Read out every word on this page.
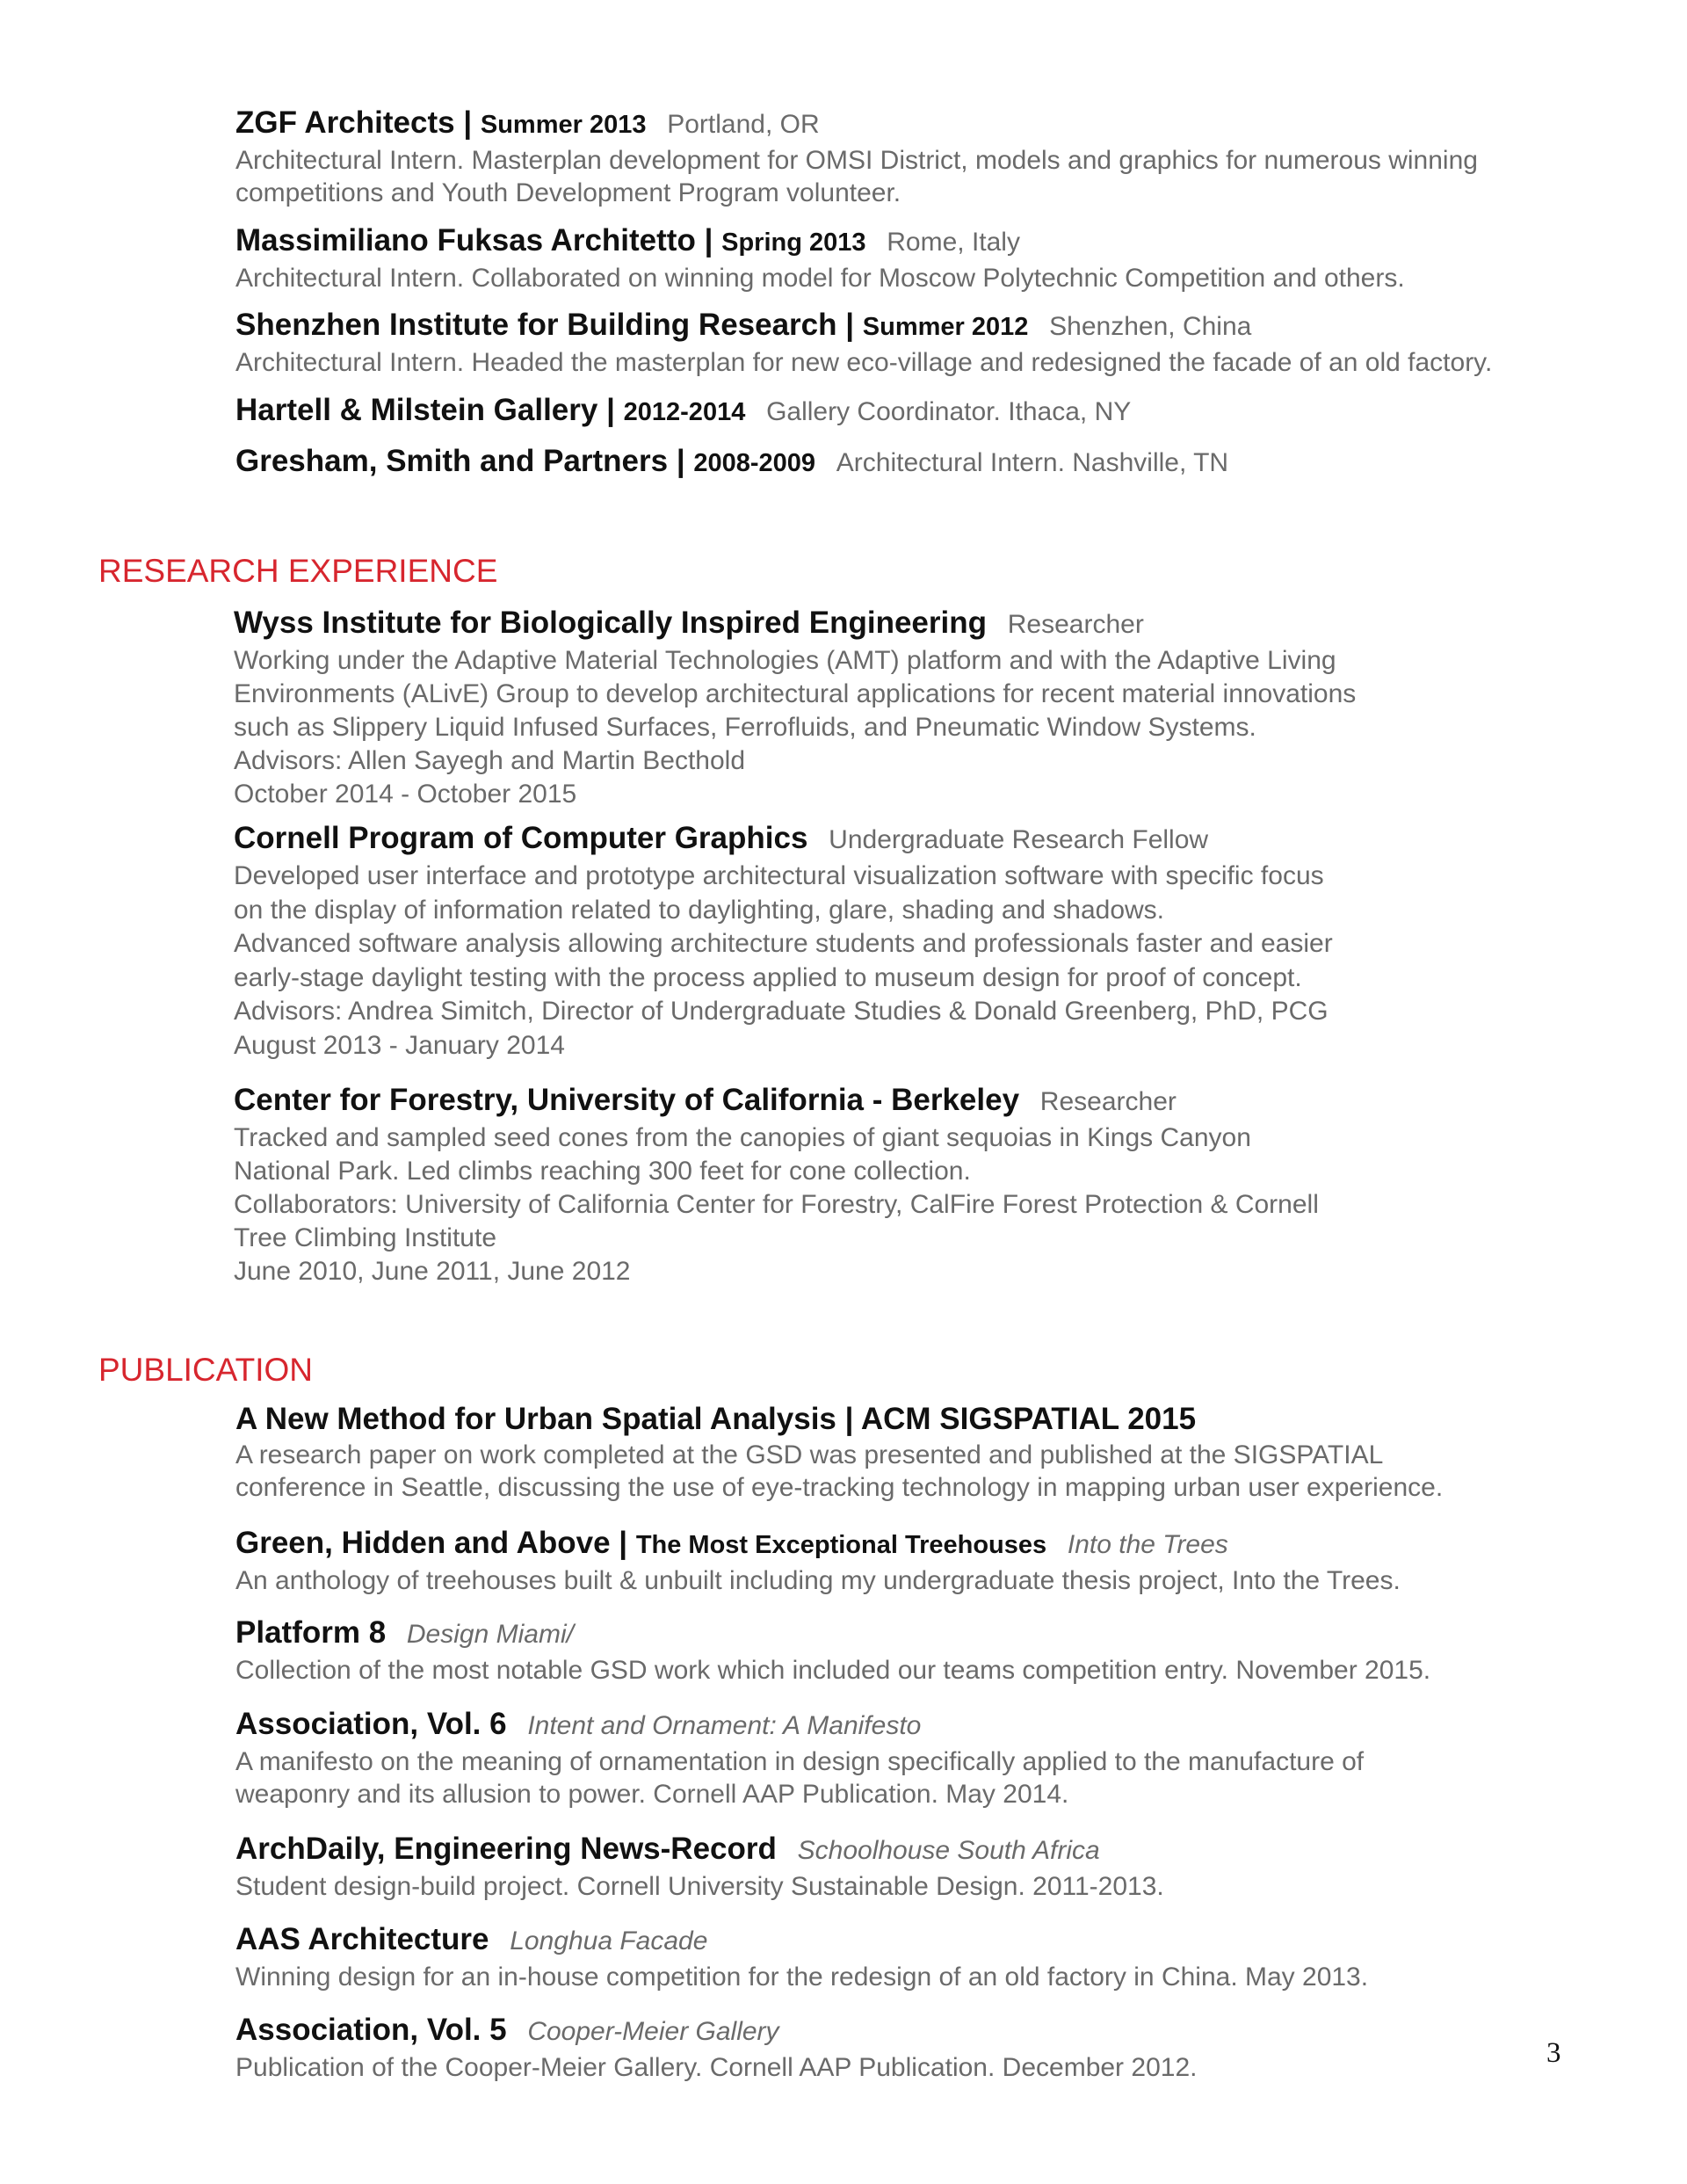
ZGF Architects | Summer 2013 Portland, OR
Architectural Intern. Masterplan development for OMSI District, models and graphics for numerous winning
competitions and Youth Development Program volunteer.
Massimiliano Fuksas Architetto | Spring 2013 Rome, Italy
Architectural Intern. Collaborated on winning model for Moscow Polytechnic Competition and others.
Shenzhen Institute for Building Research | Summer 2012 Shenzhen, China
Architectural Intern. Headed the masterplan for new eco-village and redesigned the facade of an old factory.
Hartell & Milstein Gallery | 2012-2014 Gallery Coordinator. Ithaca, NY
Gresham, Smith and Partners | 2008-2009 Architectural Intern. Nashville, TN
RESEARCH EXPERIENCE
Wyss Institute for Biologically Inspired Engineering Researcher
Working under the Adaptive Material Technologies (AMT) platform and with the Adaptive Living
Environments (ALivE) Group to develop architectural applications for recent material innovations
such as Slippery Liquid Infused Surfaces, Ferrofluids, and Pneumatic Window Systems.
Advisors: Allen Sayegh and Martin Becthold
October 2014 - October 2015
Cornell Program of Computer Graphics Undergraduate Research Fellow
Developed user interface and prototype architectural visualization software with specific focus
on the display of information related to daylighting, glare, shading and shadows.
Advanced software analysis allowing architecture students and professionals faster and easier
early-stage daylight testing with the process applied to museum design for proof of concept.
Advisors: Andrea Simitch, Director of Undergraduate Studies & Donald Greenberg, PhD, PCG
August 2013 - January 2014
Center for Forestry, University of California - Berkeley Researcher
Tracked and sampled seed cones from the canopies of giant sequoias in Kings Canyon
National Park. Led climbs reaching 300 feet for cone collection.
Collaborators: University of California Center for Forestry, CalFire Forest Protection & Cornell
Tree Climbing Institute
June 2010, June 2011, June 2012
PUBLICATION
A New Method for Urban Spatial Analysis | ACM SIGSPATIAL 2015
A research paper on work completed at the GSD was presented and published at the SIGSPATIAL
conference in Seattle, discussing the use of eye-tracking technology in mapping urban user experience.
Green, Hidden and Above | The Most Exceptional Treehouses Into the Trees
An anthology of treehouses built & unbuilt including my undergraduate thesis project, Into the Trees.
Platform 8 Design Miami/
Collection of the most notable GSD work which included our teams competition entry. November 2015.
Association, Vol. 6 Intent and Ornament: A Manifesto
A manifesto on the meaning of ornamentation in design specifically applied to the manufacture of
weaponry and its allusion to power. Cornell AAP Publication. May 2014.
ArchDaily, Engineering News-Record Schoolhouse South Africa
Student design-build project. Cornell University Sustainable Design. 2011-2013.
AAS Architecture Longhua Facade
Winning design for an in-house competition for the redesign of an old factory in China. May 2013.
Association, Vol. 5 Cooper-Meier Gallery
Publication of the Cooper-Meier Gallery. Cornell AAP Publication. December 2012.	3
